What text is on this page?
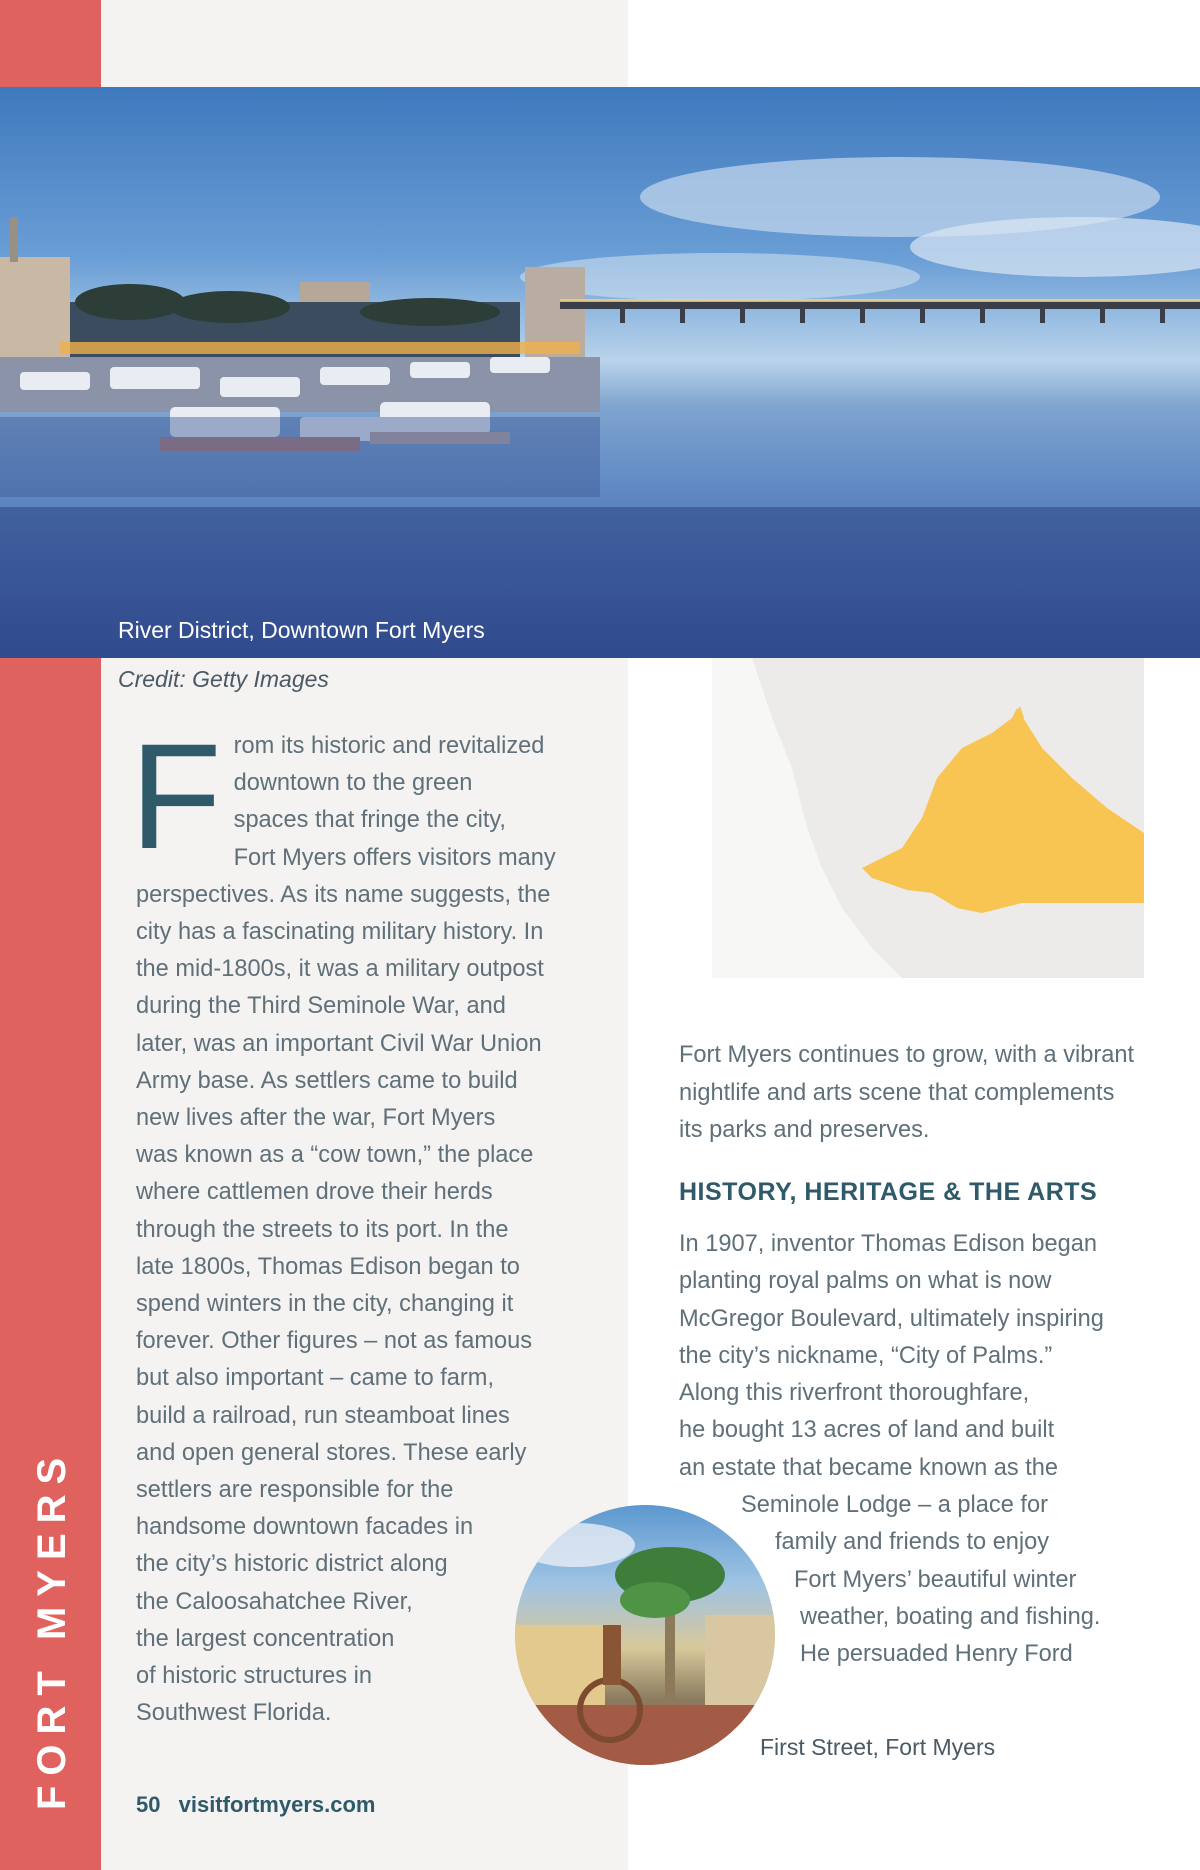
FORT MYERS
River District, Downtown Fort Myers
Credit: Getty Images
F rom its historic and revitalized
downtown to the green
spaces that fringe the city,
Fort Myers offers visitors many
perspectives. As its name suggests, the
city has a fascinating military history. In
the mid-1800s, it was a military outpost
during the Third Seminole War, and
later, was an important Civil War Union
Army base. As settlers came to build
new lives after the war, Fort Myers
was known as a “cow town,” the place
where cattlemen drove their herds
through the streets to its port. In the
late 1800s, Thomas Edison began to
spend winters in the city, changing it
forever. Other figures – not as famous
but also important – came to farm,
build a railroad, run steamboat lines
and open general stores. These early
settlers are responsible for the
handsome downtown facades in
the city’s historic district along
the Caloosahatchee River,
the largest concentration
of historic structures in
Southwest Florida.

Fort Myers continues to grow, with a vibrant nightlife and arts scene that complements its parks and preserves.
HISTORY, HERITAGE & THE ARTS
In 1907, inventor Thomas Edison began
planting royal palms on what is now
McGregor Boulevard, ultimately inspiring
the city’s nickname, “City of Palms.”
Along this riverfront thoroughfare,
he bought 13 acres of land and built
an estate that became known as the
Seminole Lodge – a place for
family and friends to enjoy
Fort Myers’ beautiful winter
weather, boating and fishing.
He persuaded Henry Ford
First Street, Fort Myers
50 visitfortmyers.com
